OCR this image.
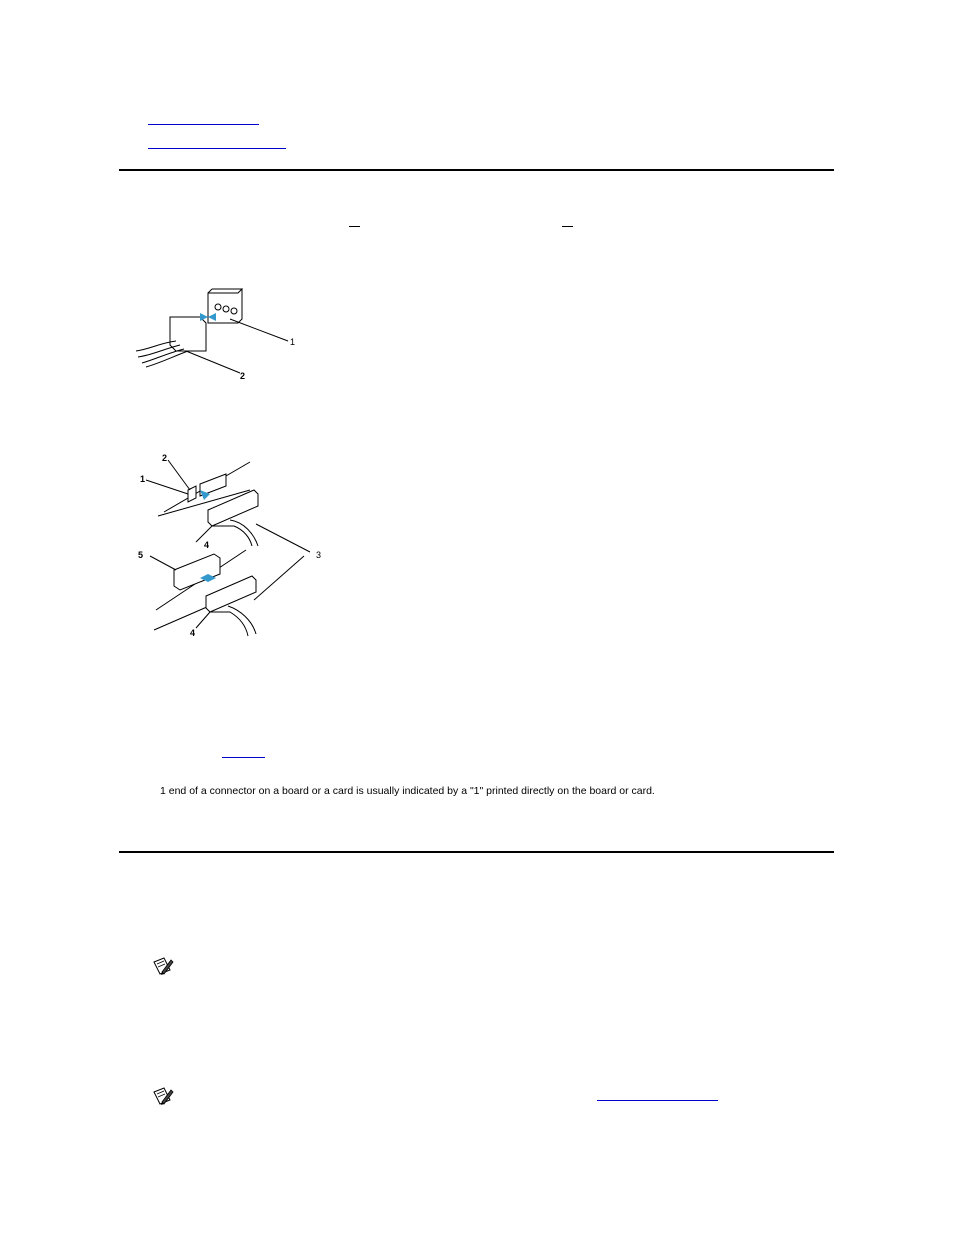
1
2
1
2
3
4
4
5
1 end of a connector on a board or a card is usually indicated by a "1" printed directly on the board or card.
